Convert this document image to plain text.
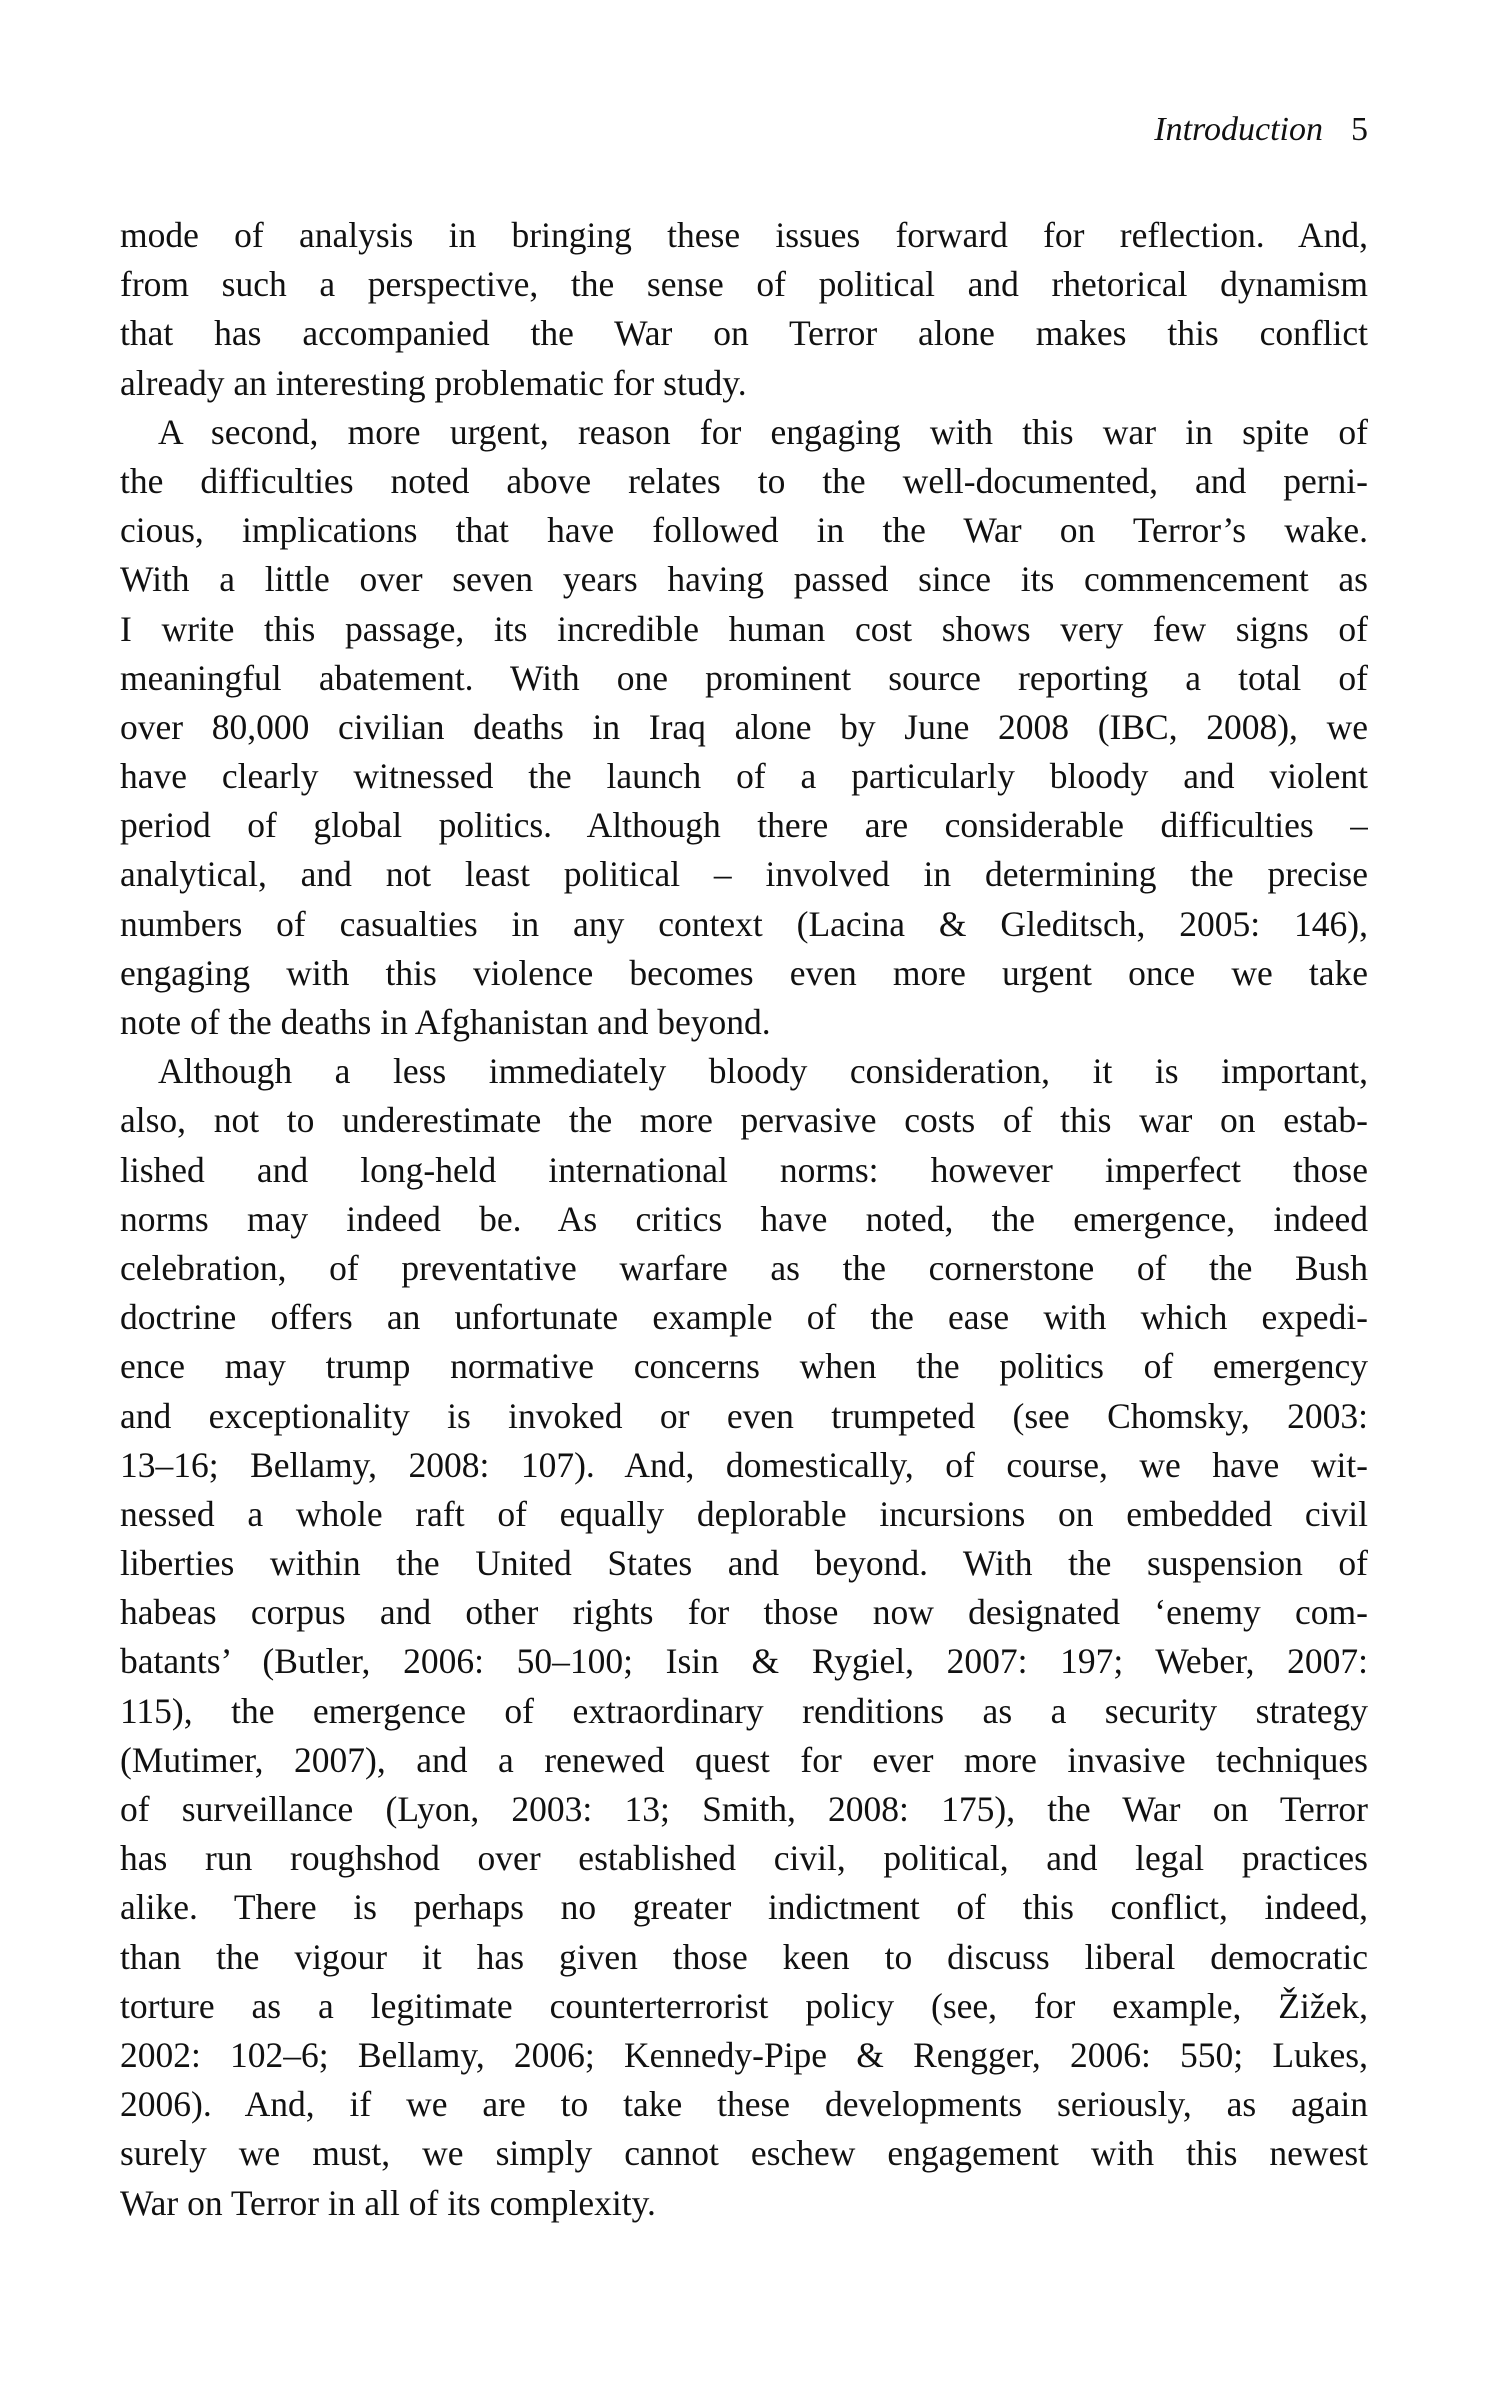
Introduction 5
mode of analysis in bringing these issues forward for reflection. And,
from such a perspective, the sense of political and rhetorical dynamism
that has accompanied the War on Terror alone makes this conflict
already an interesting problematic for study.
A second, more urgent, reason for engaging with this war in spite of
the difficulties noted above relates to the well-documented, and perni-
cious, implications that have followed in the War on Terror’s wake.
With a little over seven years having passed since its commencement as
I write this passage, its incredible human cost shows very few signs of
meaningful abatement. With one prominent source reporting a total of
over 80,000 civilian deaths in Iraq alone by June 2008 (IBC, 2008), we
have clearly witnessed the launch of a particularly bloody and violent
period of global politics. Although there are considerable difficulties –
analytical, and not least political – involved in determining the precise
numbers of casualties in any context (Lacina & Gleditsch, 2005: 146),
engaging with this violence becomes even more urgent once we take
note of the deaths in Afghanistan and beyond.
Although a less immediately bloody consideration, it is important,
also, not to underestimate the more pervasive costs of this war on estab-
lished and long-held international norms: however imperfect those
norms may indeed be. As critics have noted, the emergence, indeed
celebration, of preventative warfare as the cornerstone of the Bush
doctrine offers an unfortunate example of the ease with which expedi-
ence may trump normative concerns when the politics of emergency
and exceptionality is invoked or even trumpeted (see Chomsky, 2003:
13–16; Bellamy, 2008: 107). And, domestically, of course, we have wit-
nessed a whole raft of equally deplorable incursions on embedded civil
liberties within the United States and beyond. With the suspension of
habeas corpus and other rights for those now designated ‘enemy com-
batants’ (Butler, 2006: 50–100; Isin & Rygiel, 2007: 197; Weber, 2007:
115), the emergence of extraordinary renditions as a security strategy
(Mutimer, 2007), and a renewed quest for ever more invasive techniques
of surveillance (Lyon, 2003: 13; Smith, 2008: 175), the War on Terror
has run roughshod over established civil, political, and legal practices
alike. There is perhaps no greater indictment of this conflict, indeed,
than the vigour it has given those keen to discuss liberal democratic
torture as a legitimate counterterrorist policy (see, for example, Žižek,
2002: 102–6; Bellamy, 2006; Kennedy-Pipe & Rengger, 2006: 550; Lukes,
2006). And, if we are to take these developments seriously, as again
surely we must, we simply cannot eschew engagement with this newest
War on Terror in all of its complexity.
